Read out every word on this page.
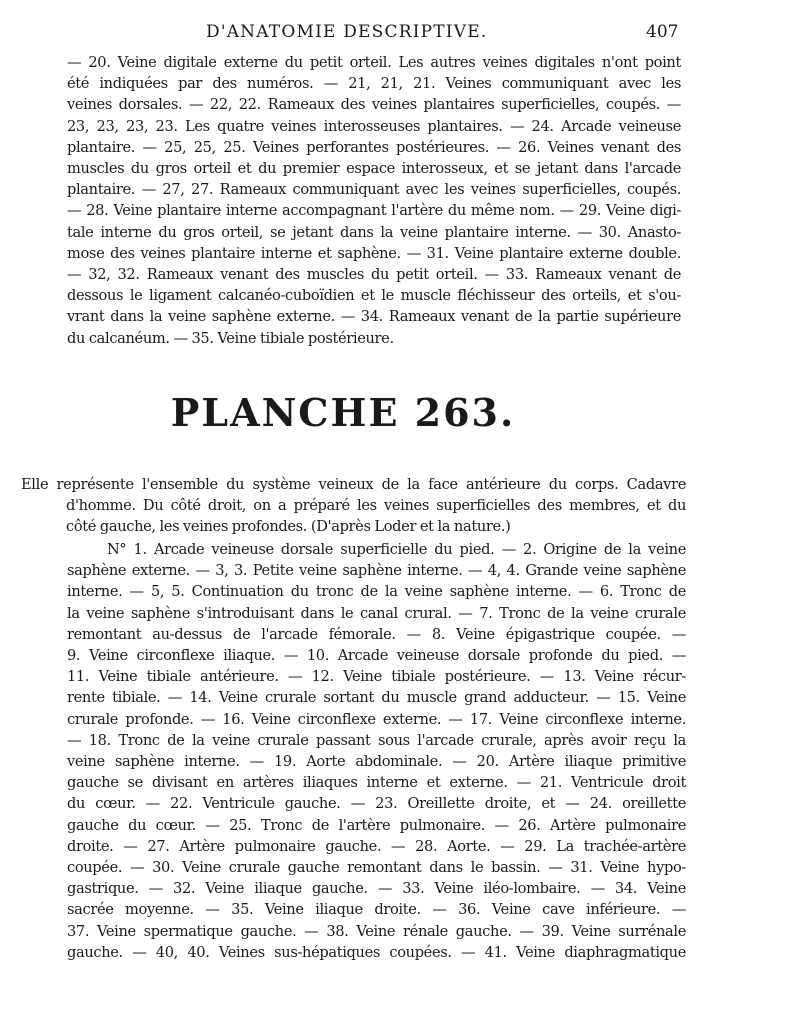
D'ANATOMIE DESCRIPTIVE.	407
— 20. Veine digitale externe du petit orteil. Les autres veines digitales n'ont point
été indiquées par des numéros. — 21, 21, 21. Veines communiquant avec les
veines dorsales. — 22, 22. Rameaux des veines plantaires superficielles, coupés. —
23, 23, 23, 23. Les quatre veines interosseuses plantaires. — 24. Arcade veineuse
plantaire. — 25, 25, 25. Veines perforantes postérieures. — 26. Veines venant des
muscles du gros orteil et du premier espace interosseux, et se jetant dans l'arcade
plantaire. — 27, 27. Rameaux communiquant avec les veines superficielles, coupés.
— 28. Veine plantaire interne accompagnant l'artère du même nom. — 29. Veine digi-
tale interne du gros orteil, se jetant dans la veine plantaire interne. — 30. Anasto-
mose des veines plantaire interne et saphène. — 31. Veine plantaire externe double.
— 32, 32. Rameaux venant des muscles du petit orteil. — 33. Rameaux venant de
dessous le ligament calcanéo-cuboïdien et le muscle fléchisseur des orteils, et s'ou-
vrant dans la veine saphène externe. — 34. Rameaux venant de la partie supérieure
du calcanéum. — 35. Veine tibiale postérieure.
PLANCHE 263.
Elle représente l'ensemble du système veineux de la face antérieure du corps. Cadavre
d'homme. Du côté droit, on a préparé les veines superficielles des membres, et du
côté gauche, les veines profondes. (D'après Loder et la nature.)
N° 1. Arcade veineuse dorsale superficielle du pied. — 2. Origine de la veine
saphène externe. — 3, 3. Petite veine saphène interne. — 4, 4. Grande veine saphène
interne. — 5, 5. Continuation du tronc de la veine saphène interne. — 6. Tronc de
la veine saphène s'introduisant dans le canal crural. — 7. Tronc de la veine crurale
remontant au-dessus de l'arcade fémorale. — 8. Veine épigastrique coupée. —
9. Veine circonflexe iliaque. — 10. Arcade veineuse dorsale profonde du pied. —
11. Veine tibiale antérieure. — 12. Veine tibiale postérieure. — 13. Veine récur-
rente tibiale. — 14. Veine crurale sortant du muscle grand adducteur. — 15. Veine
crurale profonde. — 16. Veine circonflexe externe. — 17. Veine circonflexe interne.
— 18. Tronc de la veine crurale passant sous l'arcade crurale, après avoir reçu la
veine saphène interne. — 19. Aorte abdominale. — 20. Artère iliaque primitive
gauche se divisant en artères iliaques interne et externe. — 21. Ventricule droit
du cœur. — 22. Ventricule gauche. — 23. Oreillette droite, et — 24. oreillette
gauche du cœur. — 25. Tronc de l'artère pulmonaire. — 26. Artère pulmonaire
droite. — 27. Artère pulmonaire gauche. — 28. Aorte. — 29. La trachée-artère
coupée. — 30. Veine crurale gauche remontant dans le bassin. — 31. Veine hypo-
gastrique. — 32. Veine iliaque gauche. — 33. Veine iléo-lombaire. — 34. Veine
sacrée moyenne. — 35. Veine iliaque droite. — 36. Veine cave inférieure. —
37. Veine spermatique gauche. — 38. Veine rénale gauche. — 39. Veine surrénale
gauche. — 40, 40. Veines sus-hépatiques coupées. — 41. Veine diaphragmatique
